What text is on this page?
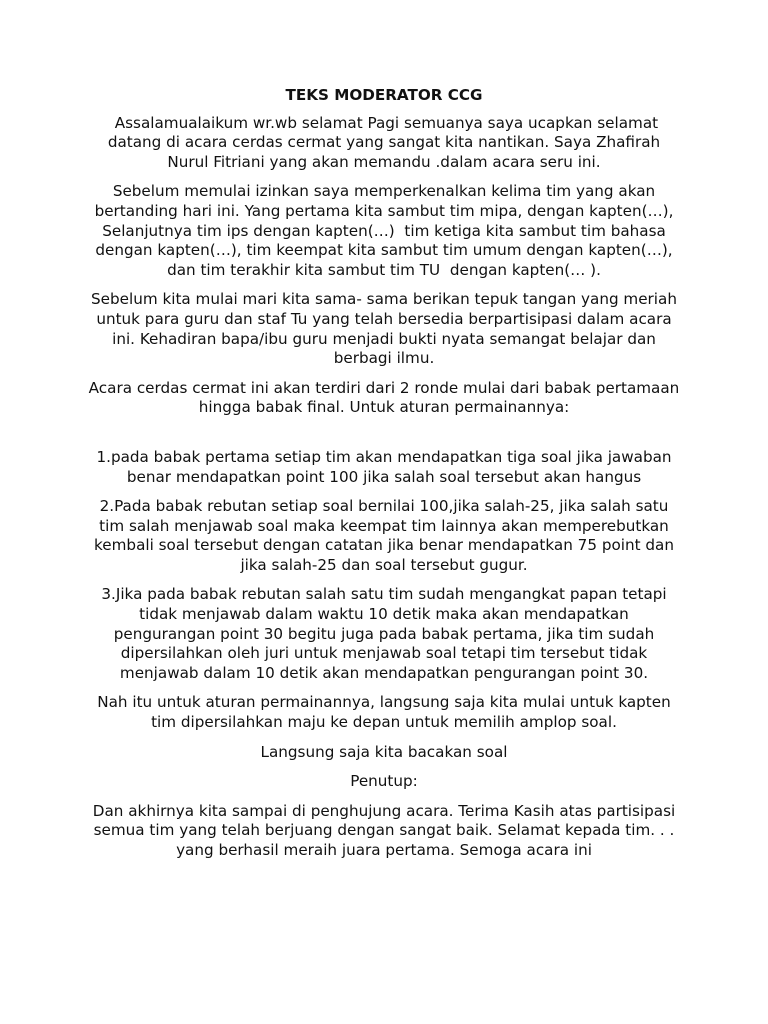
TEKS MODERATOR CCG

Assalamualaikum wr.wb selamat Pagi semuanya saya ucapkan selamat datang di acara cerdas cermat yang sangat kita nantikan. Saya Zhafirah Nurul Fitriani yang akan memandu .dalam acara seru ini.

Sebelum memulai izinkan saya memperkenalkan kelima tim yang akan bertanding hari ini. Yang pertama kita sambut tim mipa, dengan kapten(…), Selanjutnya tim ips dengan kapten(…)  tim ketiga kita sambut tim bahasa dengan kapten(…), tim keempat kita sambut tim umum dengan kapten(…), dan tim terakhir kita sambut tim TU  dengan kapten(… ).

Sebelum kita mulai mari kita sama- sama berikan tepuk tangan yang meriah untuk para guru dan staf Tu yang telah bersedia berpartisipasi dalam acara ini. Kehadiran bapa/ibu guru menjadi bukti nyata semangat belajar dan berbagi ilmu.

Acara cerdas cermat ini akan terdiri dari 2 ronde mulai dari babak pertamaan hingga babak final. Untuk aturan permainannya:

1.pada babak pertama setiap tim akan mendapatkan tiga soal jika jawaban benar mendapatkan point 100 jika salah soal tersebut akan hangus

2.Pada babak rebutan setiap soal bernilai 100,jika salah-25, jika salah satu tim salah menjawab soal maka keempat tim lainnya akan memperebutkan kembali soal tersebut dengan catatan jika benar mendapatkan 75 point dan jika salah-25 dan soal tersebut gugur.

3.Jika pada babak rebutan salah satu tim sudah mengangkat papan tetapi tidak menjawab dalam waktu 10 detik maka akan mendapatkan pengurangan point 30 begitu juga pada babak pertama, jika tim sudah dipersilahkan oleh juri untuk menjawab soal tetapi tim tersebut tidak menjawab dalam 10 detik akan mendapatkan pengurangan point 30.

Nah itu untuk aturan permainannya, langsung saja kita mulai untuk kapten tim dipersilahkan maju ke depan untuk memilih amplop soal.

Langsung saja kita bacakan soal

Penutup:

Dan akhirnya kita sampai di penghujung acara. Terima Kasih atas partisipasi semua tim yang telah berjuang dengan sangat baik. Selamat kepada tim. . . yang berhasil meraih juara pertama. Semoga acara ini
